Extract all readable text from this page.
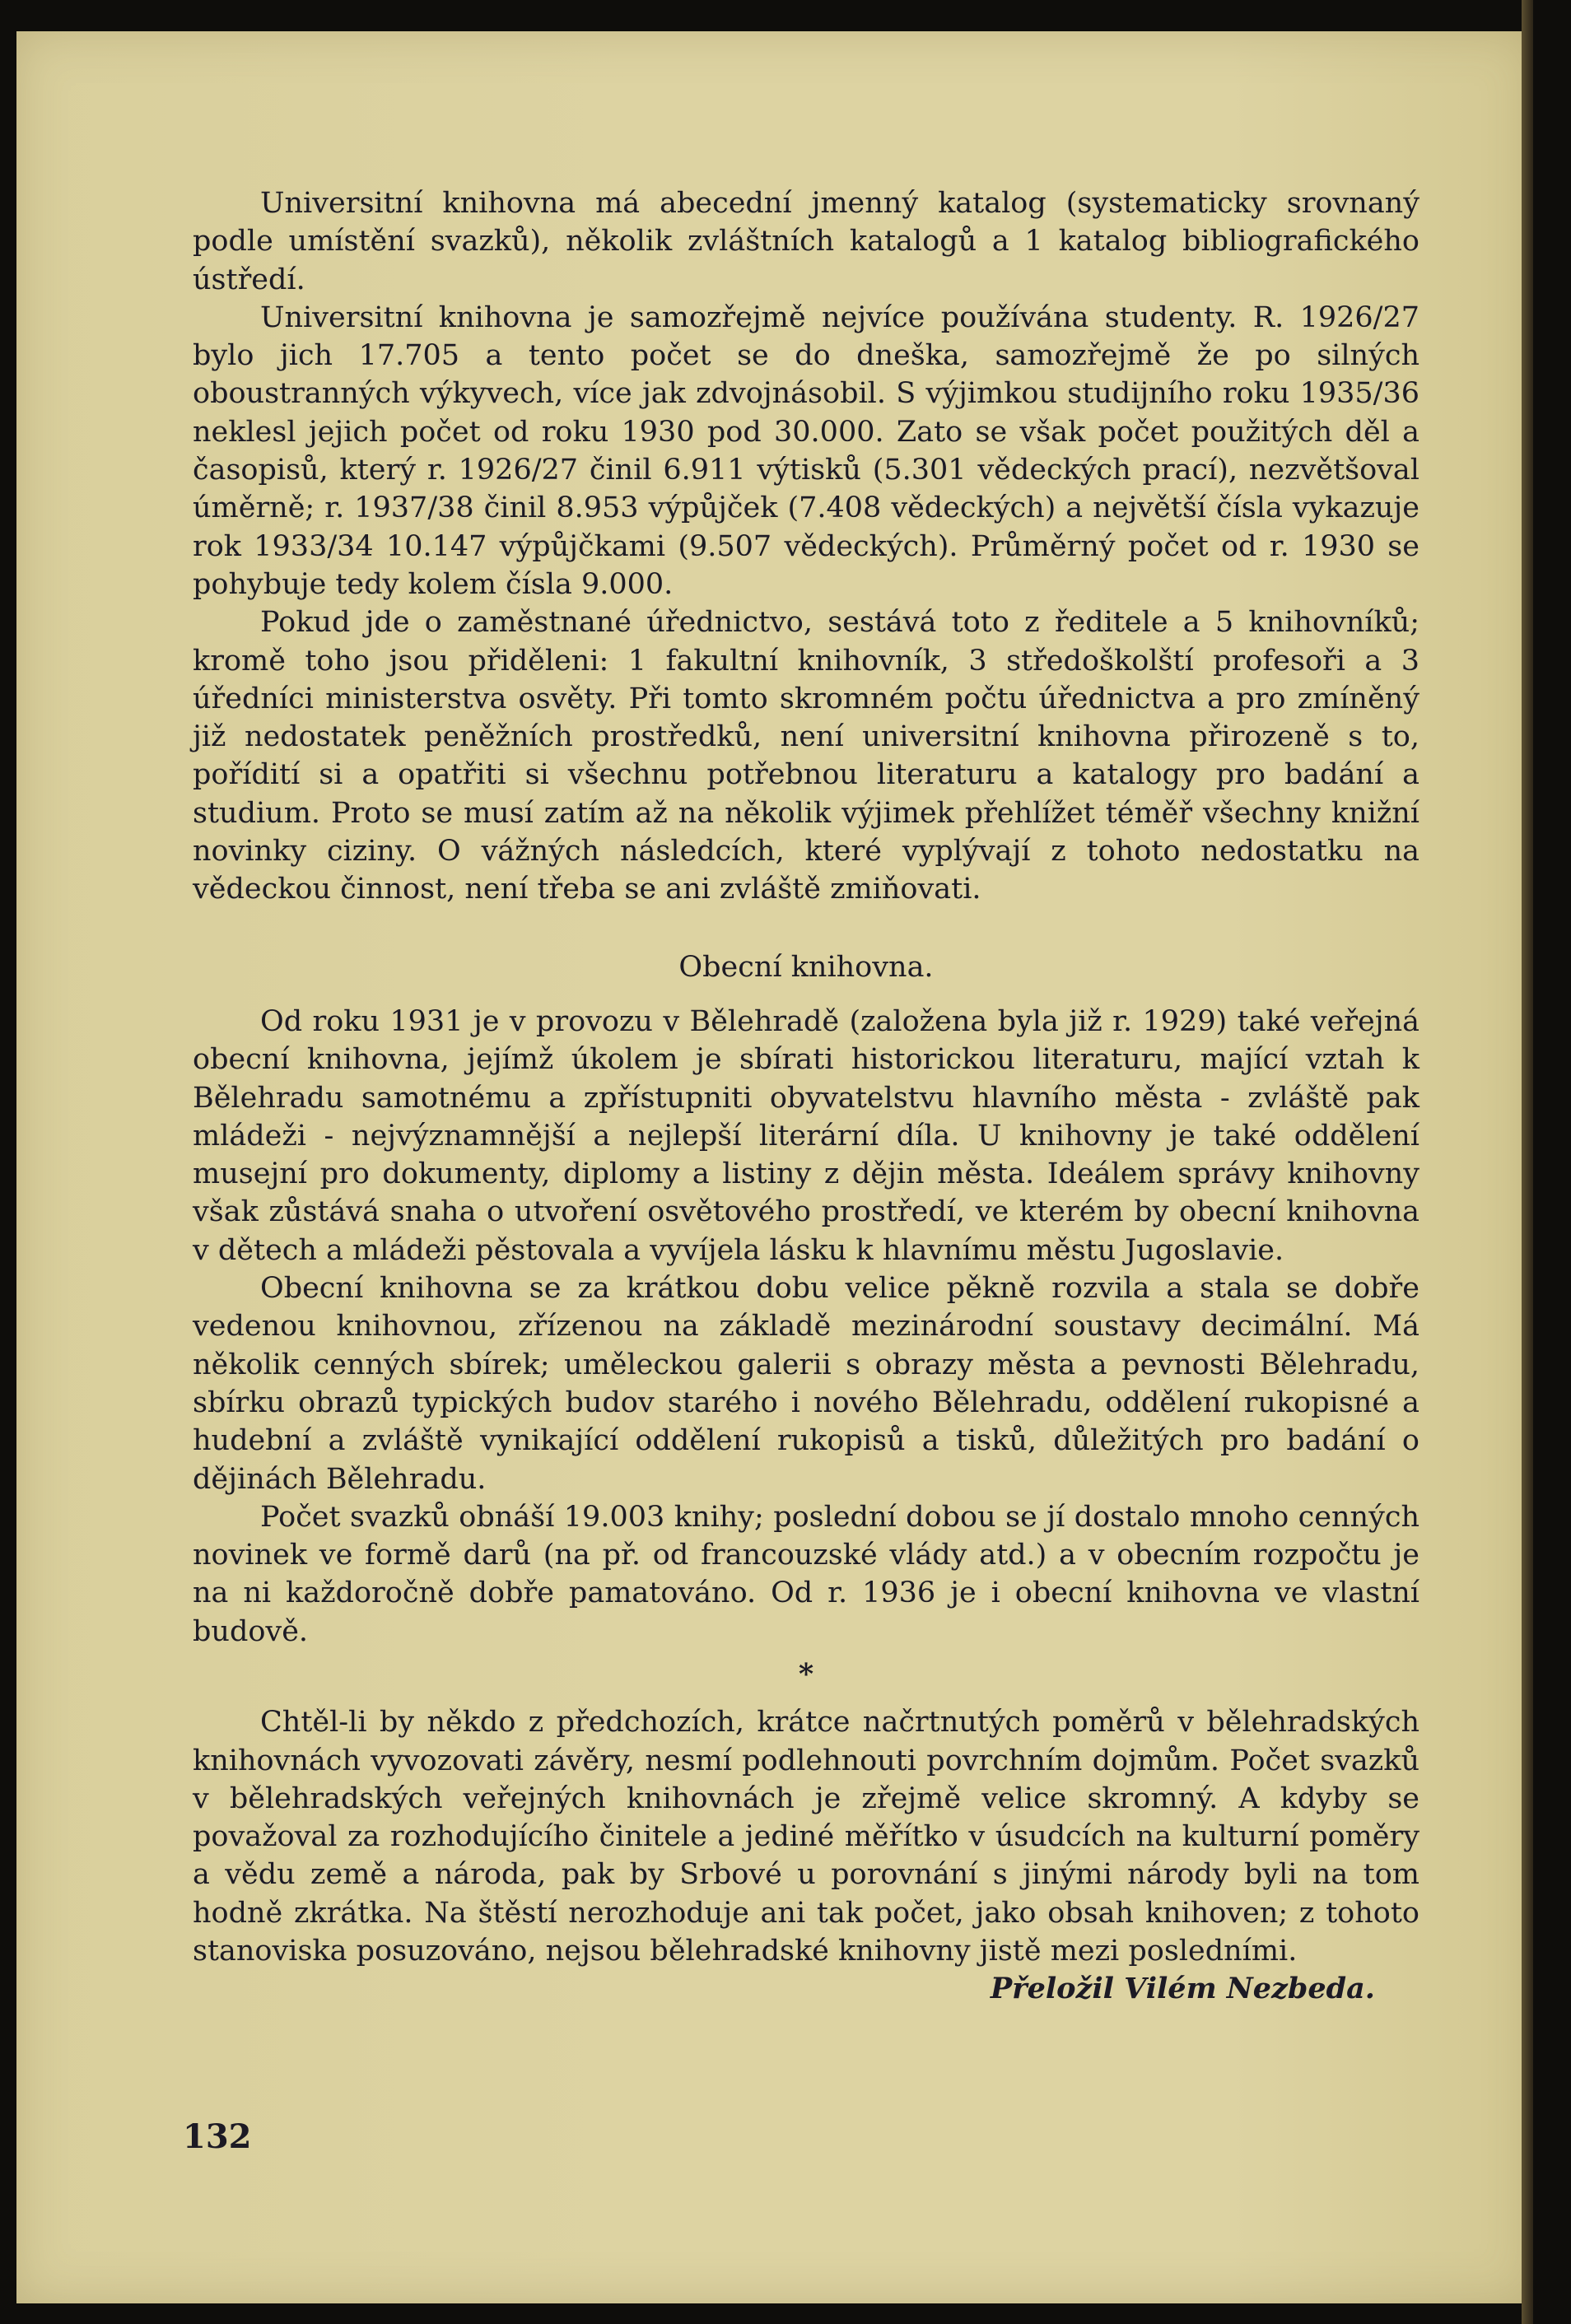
Universitní knihovna má abecední jmenný katalog (systematicky srovnaný podle umístění svazků), několik zvláštních katalogů a 1 katalog bibliografického ústředí.

Universitní knihovna je samozřejmě nejvíce používána studenty. R. 1926/27 bylo jich 17.705 a tento počet se do dneška, samozřejmě že po silných oboustranných výkyvech, více jak zdvojnásobil. S výjimkou studijního roku 1935/36 neklesl jejich počet od roku 1930 pod 30.000. Zato se však počet použitých děl a časopisů, který r. 1926/27 činil 6.911 výtisků (5.301 vědeckých prací), nezvětšoval úměrně; r. 1937/38 činil 8.953 výpůjček (7.408 vědeckých) a největší čísla vykazuje rok 1933/34 10.147 výpůjčkami (9.507 vědeckých). Průměrný počet od r. 1930 se pohybuje tedy kolem čísla 9.000.

Pokud jde o zaměstnané úřednictvo, sestává toto z ředitele a 5 knihovníků; kromě toho jsou přiděleni: 1 fakultní knihovník, 3 středoškolští profesoři a 3 úředníci ministerstva osvěty. Při tomto skromném počtu úřednictva a pro zmíněný již nedostatek peněžních prostředků, není universitní knihovna přirozeně s to, pořídití si a opatřiti si všechnu potřebnou literaturu a katalogy pro badání a studium. Proto se musí zatím až na několik výjimek přehlížet téměř všechny knižní novinky ciziny. O vážných následcích, které vyplývají z tohoto nedostatku na vědeckou činnost, není třeba se ani zvláště zmiňovati.

Obecní knihovna.

Od roku 1931 je v provozu v Bělehradě (založena byla již r. 1929) také veřejná obecní knihovna, jejímž úkolem je sbírati historickou literaturu, mající vztah k Bělehradu samotnému a zpřístupniti obyvatelstvu hlavního města - zvláště pak mládeži - nejvýznamnější a nejlepší literární díla. U knihovny je také oddělení musejní pro dokumenty, diplomy a listiny z dějin města. Ideálem správy knihovny však zůstává snaha o utvoření osvětového prostředí, ve kterém by obecní knihovna v dětech a mládeži pěstovala a vyvíjela lásku k hlavnímu městu Jugoslavie.

Obecní knihovna se za krátkou dobu velice pěkně rozvila a stala se dobře vedenou knihovnou, zřízenou na základě mezinárodní soustavy decimální. Má několik cenných sbírek; uměleckou galerii s obrazy města a pevnosti Bělehradu, sbírku obrazů typických budov starého i nového Bělehradu, oddělení rukopisné a hudební a zvláště vynikající oddělení rukopisů a tisků, důležitých pro badání o dějinách Bělehradu.

Počet svazků obnáší 19.003 knihy; poslední dobou se jí dostalo mnoho cenných novinek ve formě darů (na př. od francouzské vlády atd.) a v obecním rozpočtu je na ni každoročně dobře pamatováno. Od r. 1936 je i obecní knihovna ve vlastní budově.

*

Chtěl-li by někdo z předchozích, krátce načrtnutých poměrů v bělehradských knihovnách vyvozovati závěry, nesmí podlehnouti povrchním dojmům. Počet svazků v bělehradských veřejných knihovnách je zřejmě velice skromný. A kdyby se považoval za rozhodujícího činitele a jediné měřítko v úsudcích na kulturní poměry a vědu země a národa, pak by Srbové u porovnání s jinými národy byli na tom hodně zkrátka. Na štěstí nerozhoduje ani tak počet, jako obsah knihoven; z tohoto stanoviska posuzováno, nejsou bělehradské knihovny jistě mezi posledními.

Přeložil Vilém Nezbeda.

132
